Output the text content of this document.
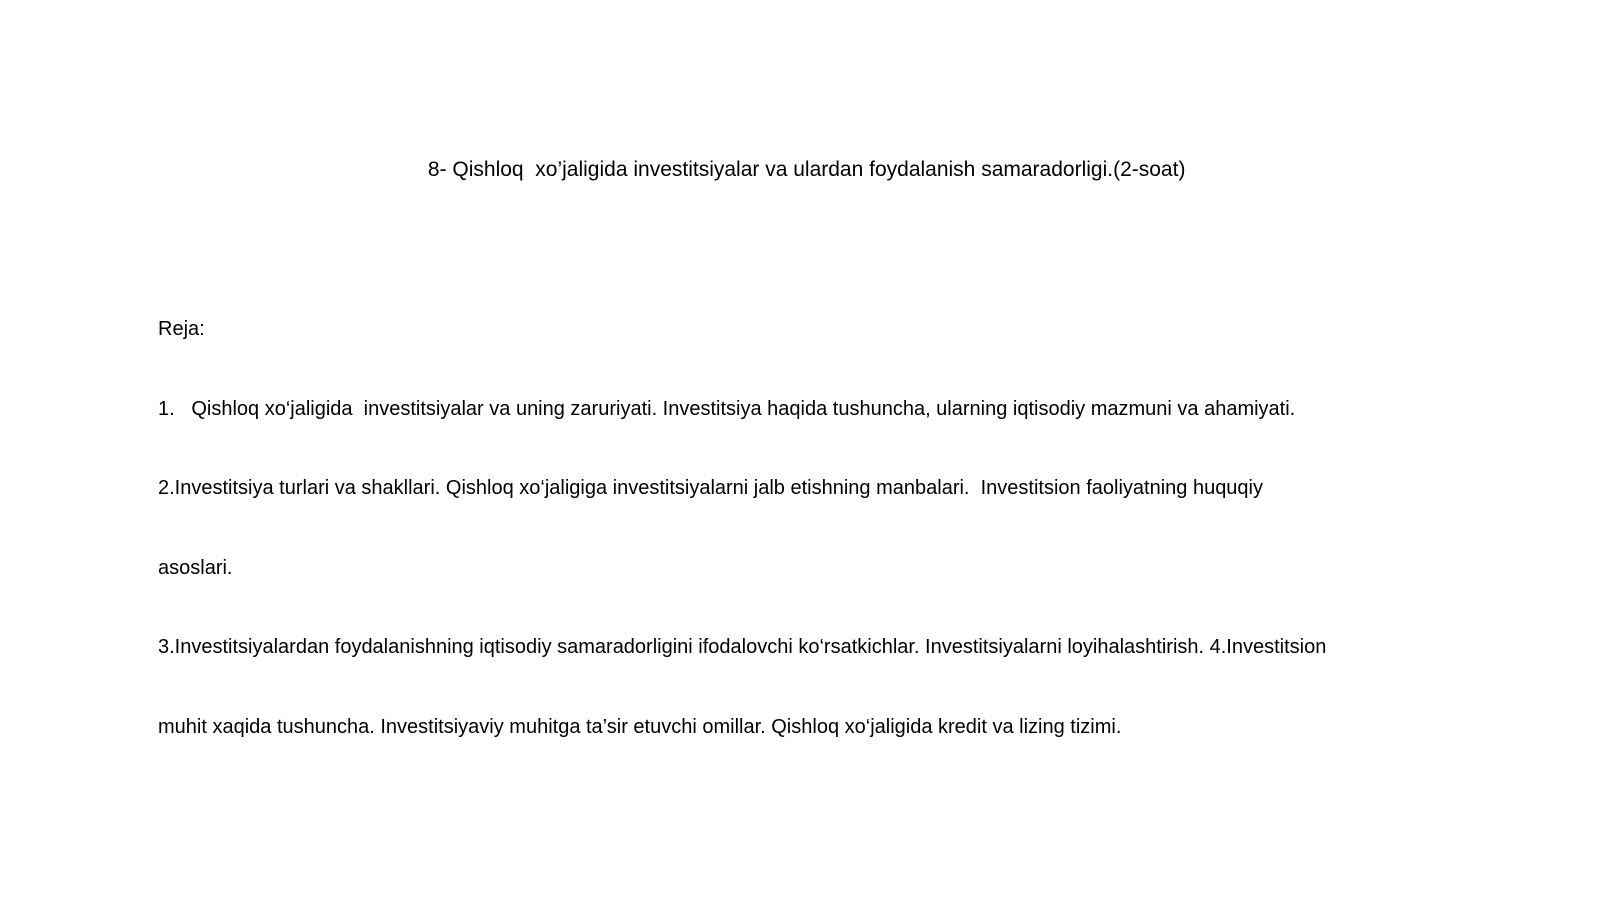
8- Qishloq  xo’jaligida investitsiyalar va ulardan foydalanish samaradorligi.(2-soat)

Reja:

1.   Qishloq xo‘jaligida  investitsiyalar va uning zaruriyati. Investitsiya haqida tushuncha, ularning iqtisodiy mazmuni va ahamiyati.

2.Investitsiya turlari va shakllari. Qishloq xo‘jaligiga investitsiyalarni jalb etishning manbalari.  Investitsion faoliyatning huquqiy

asoslari.

3.Investitsiyalardan foydalanishning iqtisodiy samaradorligini ifodalovchi ko‘rsatkichlar. Investitsiyalarni loyihalashtirish. 4.Investitsion

muhit xaqida tushuncha. Investitsiyaviy muhitga ta’sir etuvchi omillar. Qishloq xo‘jaligida kredit va lizing tizimi.
